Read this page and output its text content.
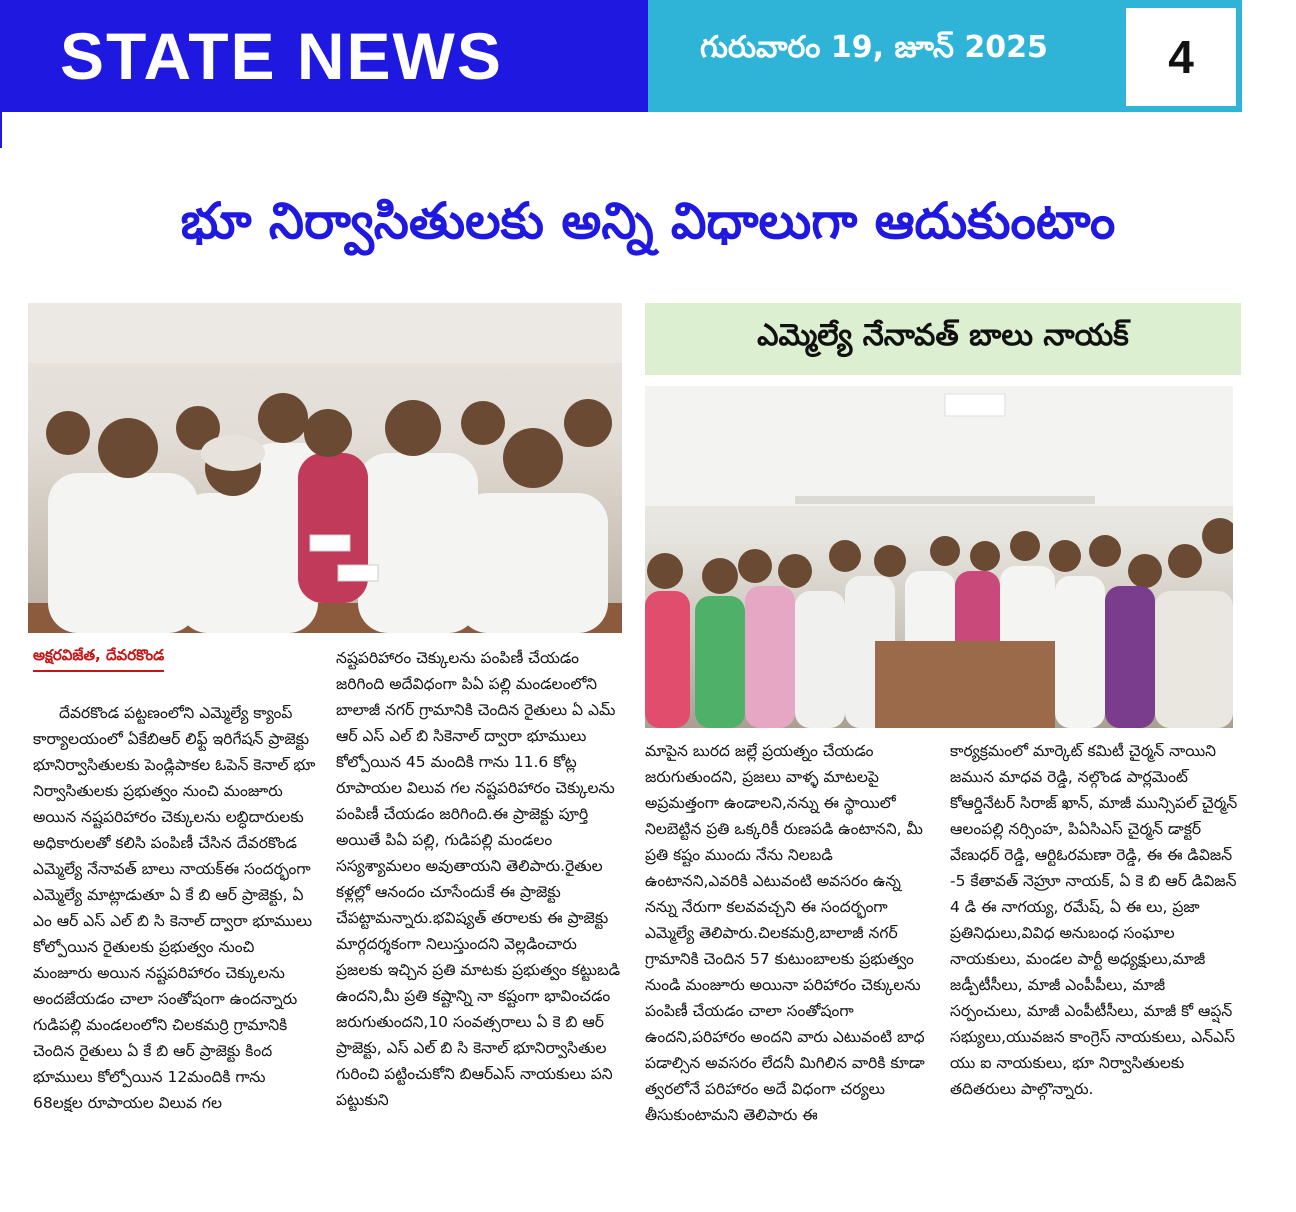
STATE NEWS	గురువారం 19, జూన్ 2025	4
భూ నిర్వాసితులకు అన్ని విధాలుగా ఆదుకుంటాం
ఎమ్మెల్యే నేనావత్ బాలు నాయక్
అక్షరవిజేత, దేవరకొండ
దేవరకొండ పట్టణంలోని ఎమ్మెల్యే క్యాంప్ కార్యాలయంలో ఏకేబిఆర్ లిఫ్ట్ ఇరిగేషన్ ప్రాజెక్టు భూనిర్వాసితులకు పెండ్లిపాకల ఓపెన్ కెనాల్ భూ నిర్వాసితులకు ప్రభుత్వం నుంచి మంజూరు అయిన నష్టపరిహారం చెక్కులను లబ్ధిదారులకు అధికారులతో కలిసి పంపిణీ చేసిన దేవరకొండ ఎమ్మెల్యే నేనావత్ బాలు నాయక్ఈ సందర్భంగా ఎమ్మెల్యే మాట్లాడుతూ ఏ కే బి ఆర్ ప్రాజెక్టు, ఏ ఎం ఆర్ ఎస్ ఎల్ బి సి కెనాల్ ద్వారా భూములు కోల్పోయిన రైతులకు ప్రభుత్వం నుంచి మంజూరు అయిన నష్టపరిహారం చెక్కులను అందజేయడం చాలా సంతోషంగా ఉందన్నారు గుడిపల్లి మండలంలోని చిలకమర్రి గ్రామానికి చెందిన రైతులు ఏ కే బి ఆర్ ప్రాజెక్టు కింద భూములు కోల్పోయిన 12మందికి గాను 68లక్షల రూపాయల విలువ గల
నష్టపరిహారం చెక్కులను పంపిణీ చేయడం జరిగింది అదేవిధంగా పిఏ పల్లి మండలంలోని బాలాజీ నగర్ గ్రామానికి చెందిన రైతులు ఏ ఎమ్ ఆర్ ఎస్ ఎల్ బి సికెనాల్ ద్వారా భూములు కోల్పోయిన 45 మందికి గాను 11.6 కోట్ల రూపాయల విలువ గల నష్టపరిహారం చెక్కులను పంపిణీ చేయడం జరిగింది.ఈ ప్రాజెక్టు పూర్తి అయితే పిఏ పల్లి, గుడిపల్లి మండలం సస్యశ్యామలం అవుతాయని తెలిపారు.రైతుల కళ్లల్లో ఆనందం చూసేందుకే ఈ ప్రాజెక్టు చేపట్టామన్నారు.భవిష్యత్ తరాలకు ఈ ప్రాజెక్టు మార్గదర్శకంగా నిలుస్తుందని వెల్లడించారు ప్రజలకు ఇచ్చిన ప్రతి మాటకు ప్రభుత్వం కట్టుబడి ఉందని,మీ ప్రతి కష్టాన్ని నా కష్టంగా భావించడం జరుగుతుందని,10 సంవత్సరాలు ఏ కె బి ఆర్ ప్రాజెక్టు, ఎస్ ఎల్ బి సి కెనాల్ భూనిర్వాసితుల గురించి పట్టించుకోని బిఆర్ఎస్ నాయకులు పని పట్టుకుని
మాపైన బురద జల్లే ప్రయత్నం చేయడం జరుగుతుందని, ప్రజలు వాళ్ళ మాటలపై అప్రమత్తంగా ఉండాలని,నన్ను ఈ స్థాయిలో నిలబెట్టిన ప్రతి ఒక్కరికీ రుణపడి ఉంటానని, మీ ప్రతి కష్టం ముందు నేను నిలబడి ఉంటానని,ఎవరికి ఎటువంటి అవసరం ఉన్న నన్ను నేరుగా కలవవచ్చని ఈ సందర్భంగా ఎమ్మెల్యే తెలిపారు.చిలకమర్రి,బాలాజీ నగర్ గ్రామానికి చెందిన 57 కుటుంబాలకు ప్రభుత్వం నుండి మంజూరు అయినా పరిహారం చెక్కులను పంపిణీ చేయడం చాలా సంతోషంగా ఉందని,పరిహారం అందని వారు ఎటువంటి బాధ పడాల్సిన అవసరం లేదనీ మిగిలిన వారికి కూడా త్వరలోనే పరిహారం అదే విధంగా చర్యలు తీసుకుంటామని తెలిపారు ఈ
కార్యక్రమంలో మార్కెట్ కమిటీ చైర్మన్ నాయిని జమున మాధవ రెడ్డి, నల్గొండ పార్లమెంట్ కోఆర్డినేటర్ సిరాజ్ ఖాన్, మాజీ మున్సిపల్ చైర్మన్ ఆలంపల్లి నర్సింహ, పిఏసిఎస్ చైర్మన్ డాక్టర్ వేణుధర్ రెడ్డి, ఆర్టిఓరమణా రెడ్డి, ఈ ఈ డివిజన్ -5 కేతావత్ నెహ్రూ నాయక్, ఏ కె బి ఆర్ డివిజన్ 4 డి ఈ నాగయ్య, రమేష్, ఏ ఈ లు, ప్రజా ప్రతినిధులు,వివిధ అనుబంధ సంఘాల నాయకులు, మండల పార్టీ అధ్యక్షులు,మాజీ జడ్పీటీసీలు, మాజీ ఎంపీపీలు, మాజీ సర్పంచులు, మాజీ ఎంపీటీసీలు, మాజీ కో ఆప్షన్ సభ్యులు,యువజన కాంగ్రెస్ నాయకులు, ఎన్ఎస్ యు ఐ నాయకులు, భూ నిర్వాసితులకు తదితరులు పాల్గొన్నారు.
